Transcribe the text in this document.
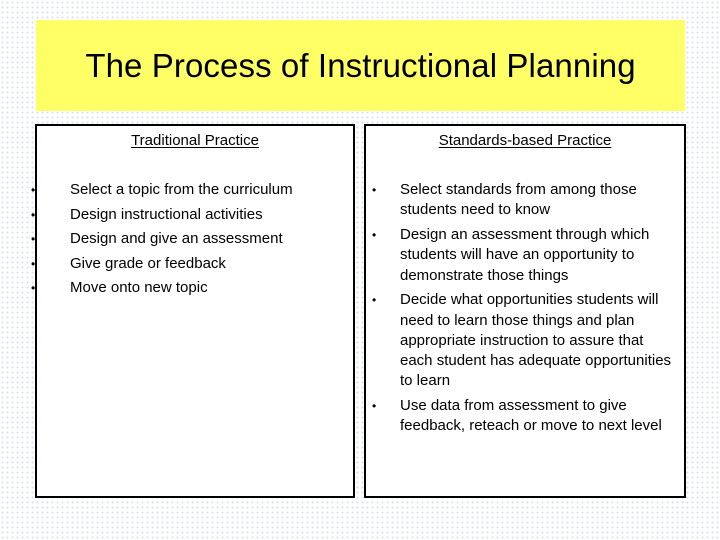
The Process of Instructional Planning
Traditional Practice
• Select a topic from the curriculum
• Design instructional activities
• Design and give an assessment
• Give grade or feedback
• Move onto new topic
Standards-based Practice
• Select standards from among those students need to know
• Design an assessment through which students will have an opportunity to demonstrate those things
• Decide what opportunities students will need to learn those things and plan appropriate instruction to assure that each student has adequate opportunities to learn
• Use data from assessment to give feedback, reteach or move to next level
